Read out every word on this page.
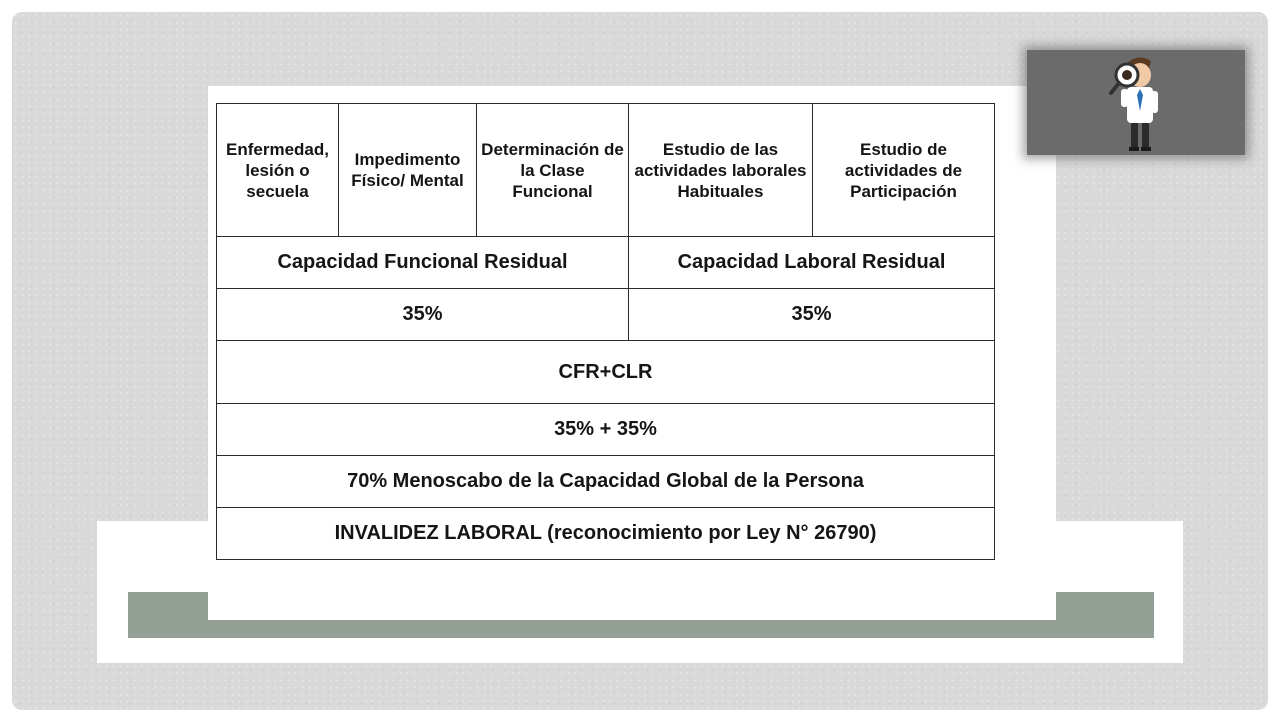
Enfermedad, lesión o secuela	Impedimento Físico/ Mental	Determinación de la Clase Funcional	Estudio de las actividades laborales Habituales	Estudio de actividades de Participación
Capacidad Funcional Residual			Capacidad Laboral Residual	
35%			35%	
CFR+CLR				
35% + 35%				
70% Menoscabo de la Capacidad Global de la Persona				
INVALIDEZ LABORAL (reconocimiento por Ley N° 26790)				
